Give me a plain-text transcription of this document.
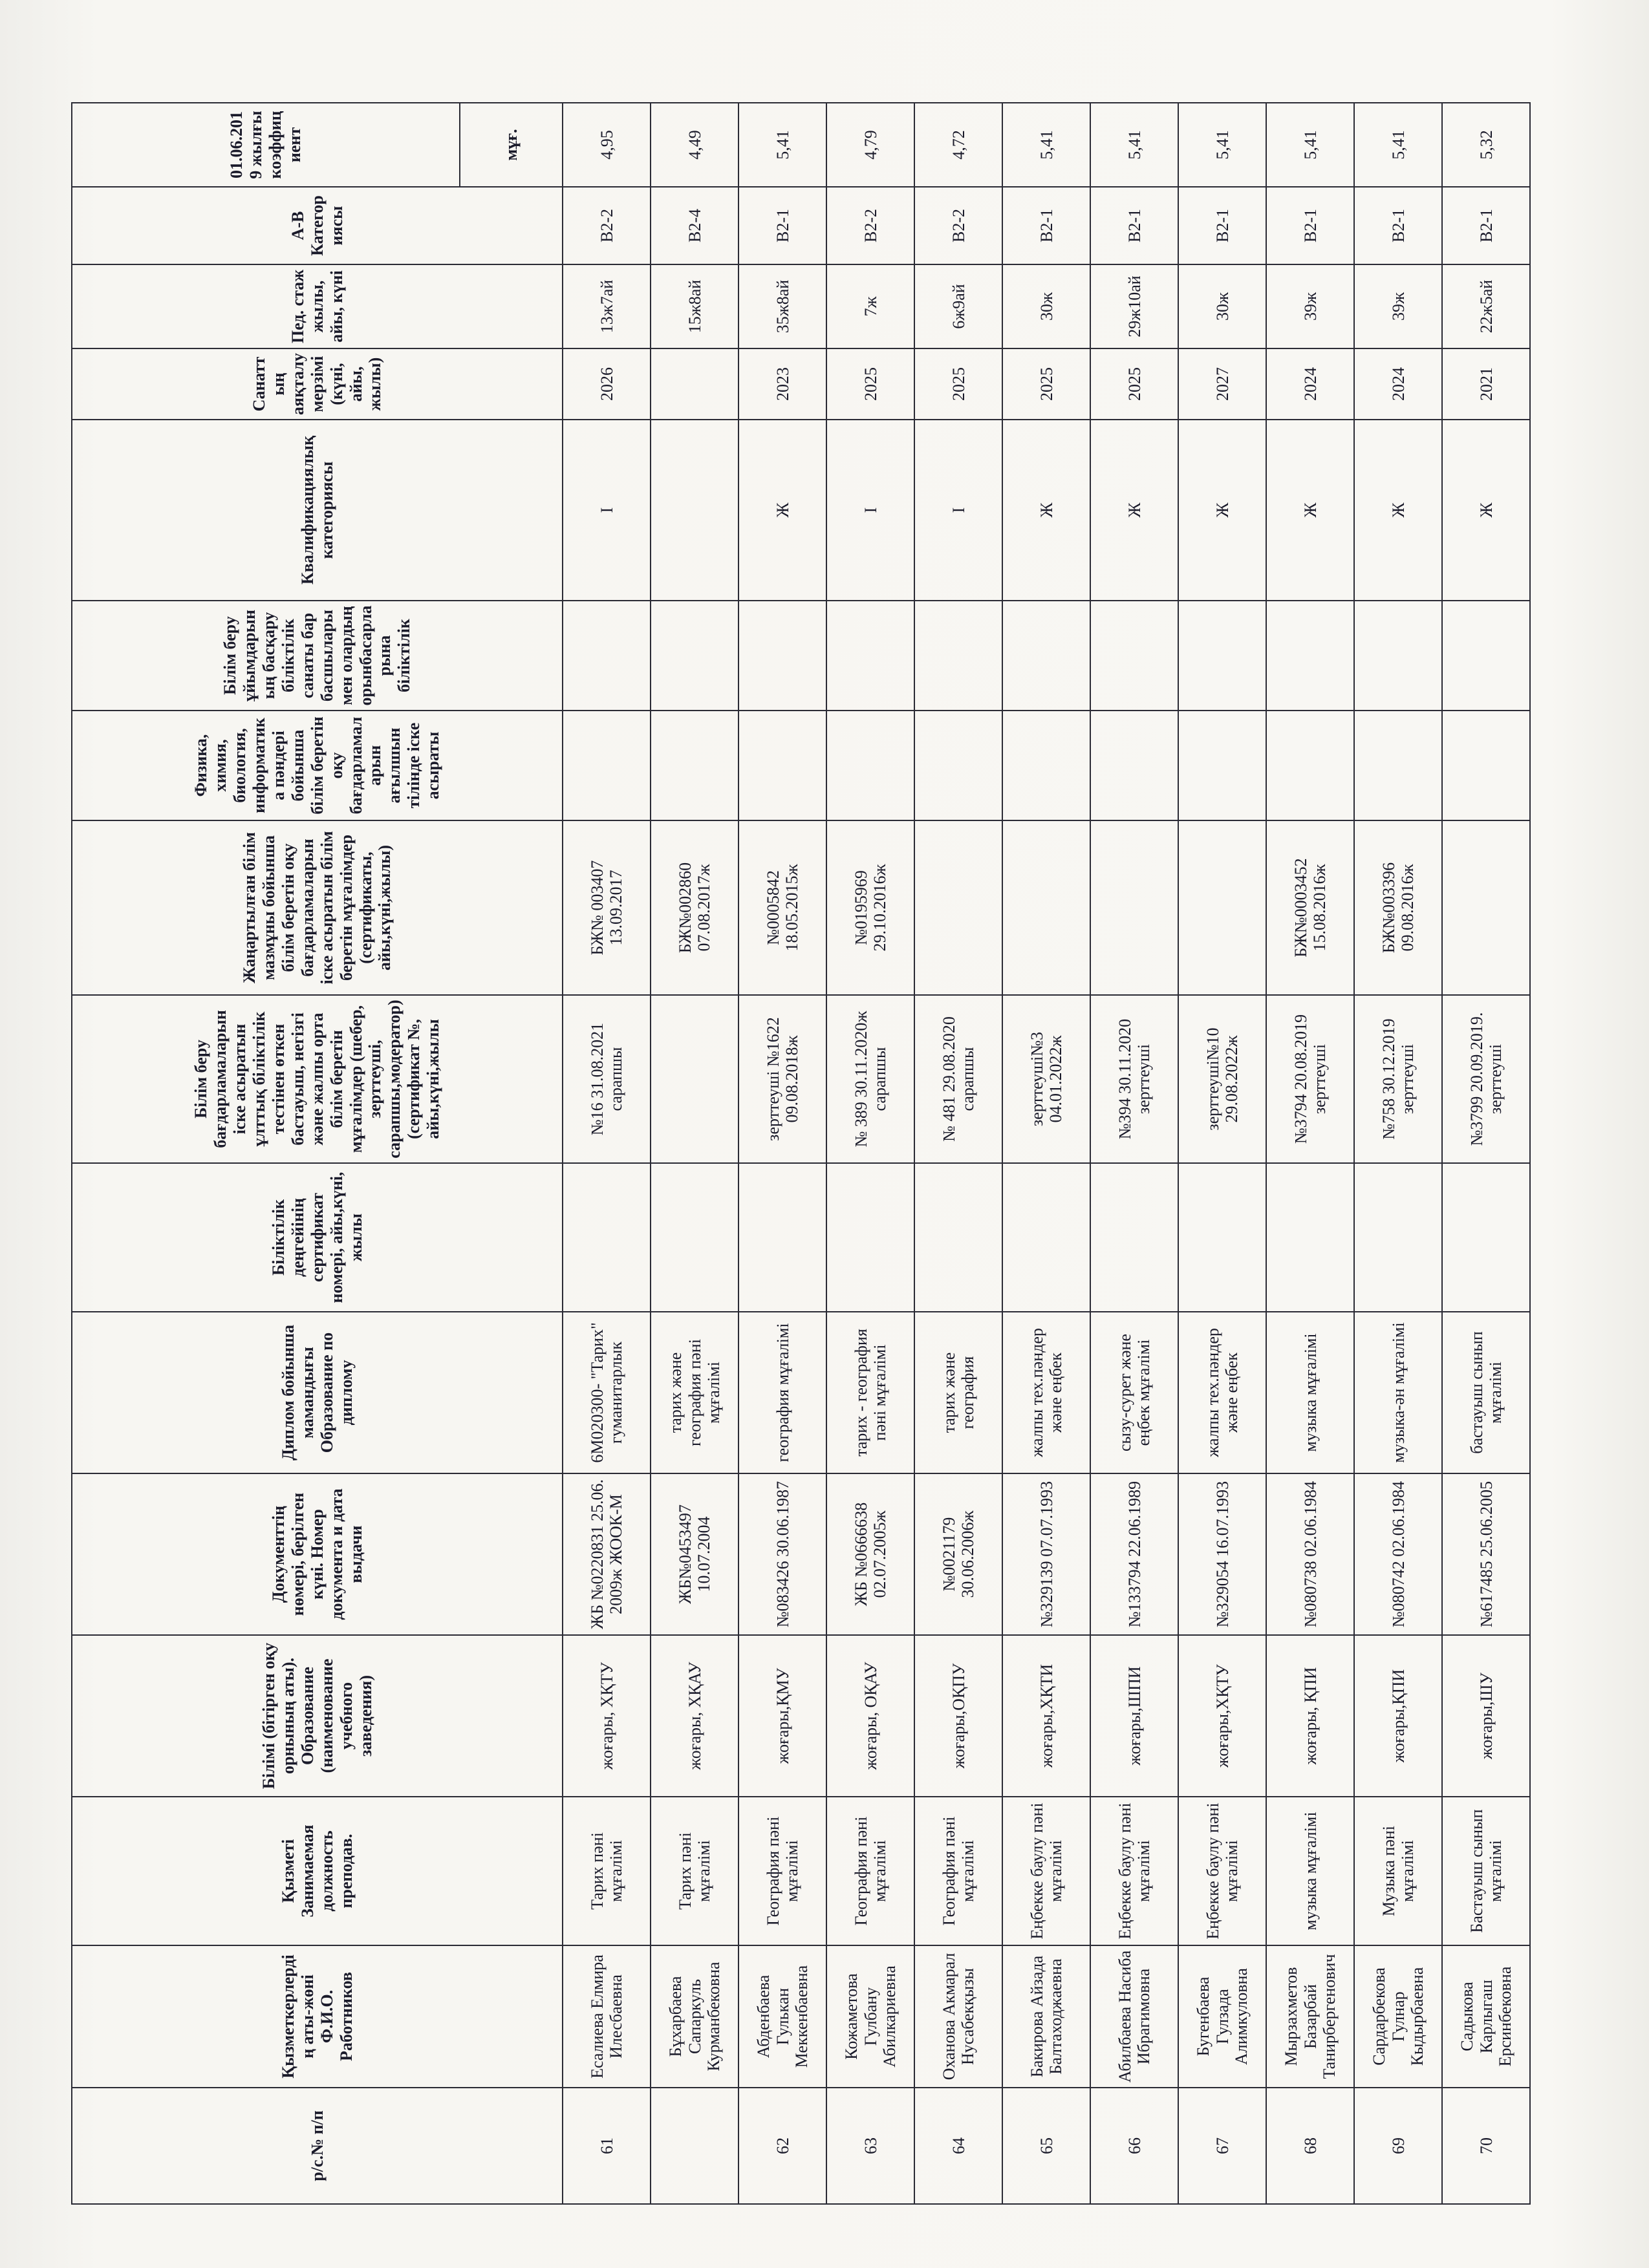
р/с.№ п/п	Қызметкерлердің аты-жөні Ф.И.О. Работников	Қызметі Занимаемая должность преподав.	Білімі (бітірген оқу орнының аты). Образование (наименование учебного заведения)	Документтің нөмері, берілген күні. Номер документа и дата выдачи	Диплом бойынша мамандығы Образование по диплому	Біліктілік деңгейінің сертификат номері, айы,күні, жылы	Білім беру бағдарламаларын іске асыратын ұлттық біліктілік тестінен өткен бастауыш, негізгі және жалпы орта білім беретін мұғалімдер (шебер, зерттеуші, сарапшы,модератор)(сертификат №, айы,күні,жылы	Жаңартылған білім мазмұны бойынша білім беретін оқу бағдарламаларын іске асыратын білім беретін мұғалімдер (сертификаты, айы,күні,жылы)	Физика, химия, биология, информатика пәндері бойынша білім беретін оқу бағдарламаларын ағылшын тілінде іске асыраты	Білім беру ұйымдарының басқару біліктілік санаты бар басшылары мен олардың орынбасарларына біліктілік	Квалификациялық категориясы	Санаттың аяқталу мерзімі (күні, айы, жылы)	Пед. стаж жылы, айы, күні	А-В Категориясы	01.06.2019 жылғы коэффициент	
															мұғ.	
61	Есалиева Елмира Илесбаевна	Тарих пәні мұғалімі	жоғары, ХҚТУ	ЖБ №0220831 25.06. 2009ж ЖООК-М	6М020300- "Тарих" гуманитарлык		№16 31.08.2021 сарапшы	БЖ№ 003407 13.09.2017			І	2026	13ж7ай	В2-2	4,95	
	Бұхарбаева Сапаркуль Курманбековна	Тарих пәні мұғалімі	жоғары, ХҚАУ	ЖБ№0453497 10.07.2004	тарих және география пәні мұғалімі			БЖ№002860 07.08.2017ж					15ж8ай	В2-4	4,49	
62	Абденбаева Гулькан Меккенбаевна	География пәні мұғалімі	жоғары,ҚМУ	№083426 30.06.1987	география мұғалімі		зерттеуші №1622 09.08.2018ж	№0005842 18.05.2015ж			Ж	2023	35ж8ай	В2-1	5,41	
63	Кожаметова Гулбану Абилкариевна	География пәні мұғалімі	жоғары, ОҚАУ	ЖБ №0666638 02.07.2005ж	тарих - география пәні мұғалімі		№ 389 30.11.2020ж сарапшы	№0195969 29.10.2016ж			І	2025	7ж	В2-2	4,79	
64	Оханова Акмарал Нусабекқызы	География пәні мұғалімі	жоғары,ОҚПУ	№0021179 30.06.2006ж	тарих және география		№ 481 29.08.2020 сарапшы				І	2025	6ж9ай	В2-2	4,72	
65	Бакирова Айзада Балтаходжаевна	Еңбекке баулу пәні мұғалімі	жоғары,ХҚТИ	№329139 07.07.1993	жалпы тех.пәндер және еңбек		зерттеуші№3 04.01.2022ж				Ж	2025	30ж	В2-1	5,41	
66	Абилбаева Насиба Ибрагимовна	Еңбекке баулу пәні мұғалімі	жоғары,ШПИ	№133794 22.06.1989	сызу-сурет және еңбек мұғалімі		№394 30.11.2020 зерттеуші				Ж	2025	29ж10ай	В2-1	5,41	
67	Бугенбаева Гулзада Алимкуловна	Еңбекке баулу пәні мұғалімі	жоғары,ХҚТУ	№329054 16.07.1993	жалпы тех.пәндер және еңбек		зерттеуші№10 29.08.2022ж				Ж	2027	30ж	В2-1	5,41	
68	Мырзахметов Базарбай Танирбергенович	музыка мұғалімі	жоғары, ҚПИ	№080738 02.06.1984	музыка мұғалімі		№3794 20.08.2019 зерттеуші	БЖ№0003452 15.08.2016ж			Ж	2024	39ж	В2-1	5,41	
69	Сардарбекова Гулнар Кыдырбаевна	Музыка пәні мұғалімі	жоғары,ҚПИ	№080742 02.06.1984	музыка-ән мұғалімі		№758 30.12.2019 зерттеуші	БЖ№003396 09.08.2016ж			Ж	2024	39ж	В2-1	5,41	
70	Садыкова Карлыгаш Ерсинбековна	Бастауыш сынып мұғалімі	жоғары,ШУ	№617485 25.06.2005	бастауыш сынып мұғалімі		№3799 20.09.2019. зерттеуші				Ж	2021	22ж5ай	В2-1	5,32	
